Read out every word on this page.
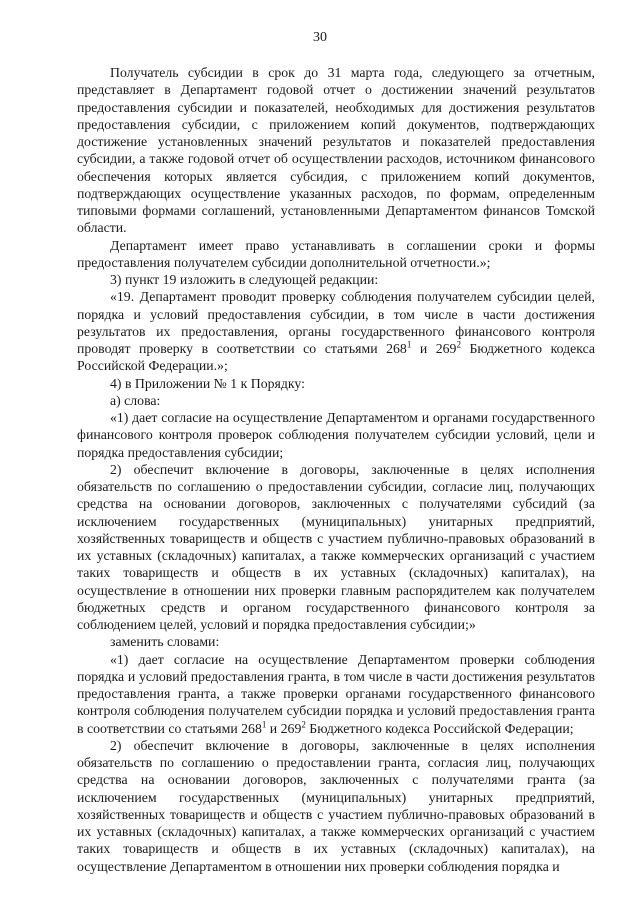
30

Получатель субсидии в срок до 31 марта года, следующего за отчетным, представляет в Департамент годовой отчет о достижении значений результатов предоставления субсидии и показателей, необходимых для достижения результатов предоставления субсидии, с приложением копий документов, подтверждающих достижение установленных значений результатов и показателей предоставления субсидии, а также годовой отчет об осуществлении расходов, источником финансового обеспечения которых является субсидия, с приложением копий документов, подтверждающих осуществление указанных расходов, по формам, определенным типовыми формами соглашений, установленными Департаментом финансов Томской области.

Департамент имеет право устанавливать в соглашении сроки и формы предоставления получателем субсидии дополнительной отчетности.»;

3) пункт 19 изложить в следующей редакции:

«19. Департамент проводит проверку соблюдения получателем субсидии целей, порядка и условий предоставления субсидии, в том числе в части достижения результатов их предоставления, органы государственного финансового контроля проводят проверку в соответствии со статьями $268^1$ и $269^2$ Бюджетного кодекса Российской Федерации.»;

4) в Приложении № 1 к Порядку:

а) слова:

«1) дает согласие на осуществление Департаментом и органами государственного финансового контроля проверок соблюдения получателем субсидии условий, цели и порядка предоставления субсидии;

2) обеспечит включение в договоры, заключенные в целях исполнения обязательств по соглашению о предоставлении субсидии, согласие лиц, получающих средства на основании договоров, заключенных с получателями субсидий (за исключением государственных (муниципальных) унитарных предприятий, хозяйственных товариществ и обществ с участием публично-правовых образований в их уставных (складочных) капиталах, а также коммерческих организаций с участием таких товариществ и обществ в их уставных (складочных) капиталах), на осуществление в отношении них проверки главным распорядителем как получателем бюджетных средств и органом государственного финансового контроля за соблюдением целей, условий и порядка предоставления субсидии;»

заменить словами:

«1) дает согласие на осуществление Департаментом проверки соблюдения порядка и условий предоставления гранта, в том числе в части достижения результатов предоставления гранта, а также проверки органами государственного финансового контроля соблюдения получателем субсидии порядка и условий предоставления гранта в соответствии со статьями $268^1$ и $269^2$ Бюджетного кодекса Российской Федерации;

2) обеспечит включение в договоры, заключенные в целях исполнения обязательств по соглашению о предоставлении гранта, согласия лиц, получающих средства на основании договоров, заключенных с получателями гранта (за исключением государственных (муниципальных) унитарных предприятий, хозяйственных товариществ и обществ с участием публично-правовых образований в их уставных (складочных) капиталах, а также коммерческих организаций с участием таких товариществ и обществ в их уставных (складочных) капиталах), на осуществление Департаментом в отношении них проверки соблюдения порядка и
